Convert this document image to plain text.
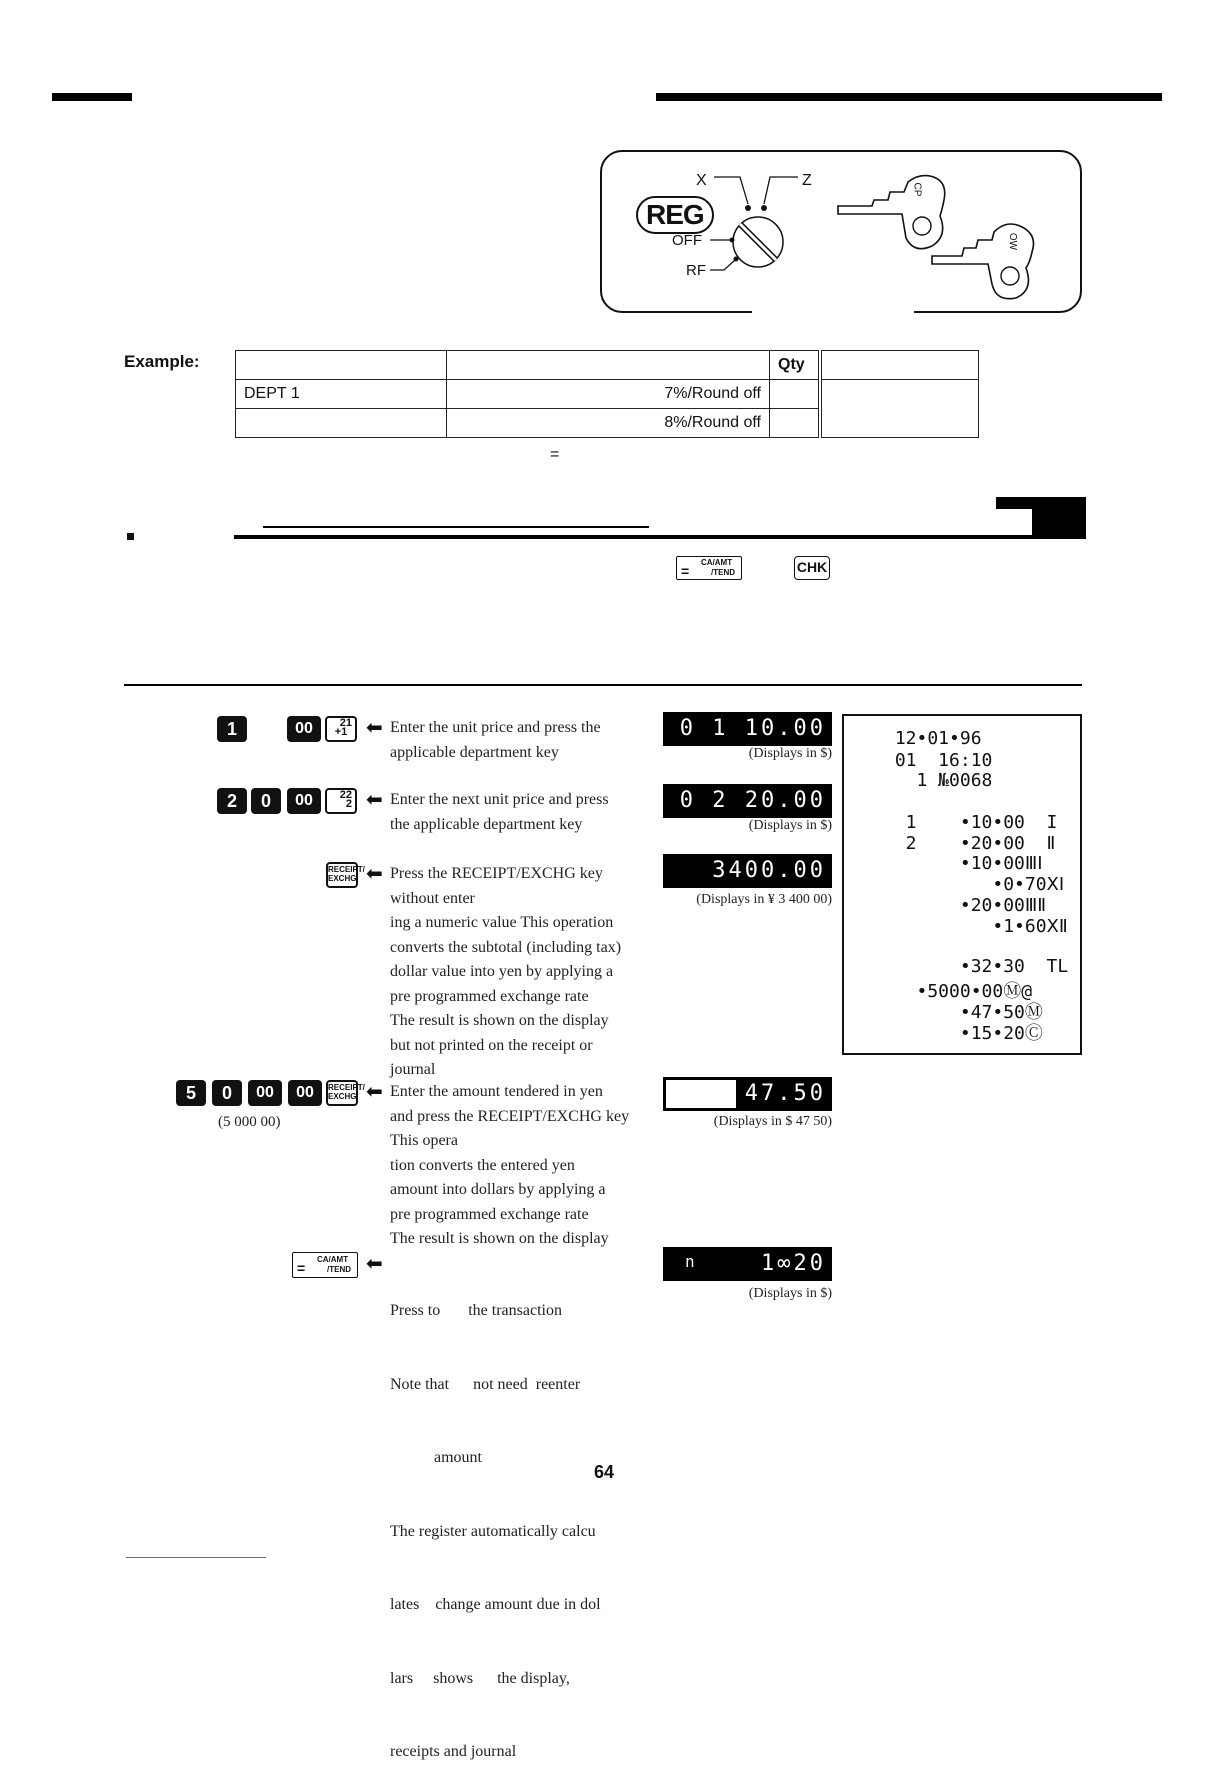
X	Z
REG
OFF
RF
CP
OW
Example:
			Qty	
DEPT 1	7%/Round off		
	8%/Round off		
=
CA/AMT
=	/TEND	CHK
1	00	21
+1 ⬅ Enter the unit price and press the
applicable department key
0 1 10.00
(Displays in $)
2	0	00	22
2 ⬅ Enter the next unit price and press
the applicable department key
0 2 20.00
(Displays in $)
RECEIPT/
EXCHG ⬅ Press the RECEIPT/EXCHG key without enter
ing a numeric value This operation
converts the subtotal (including tax)
dollar value into yen by applying a
pre programmed exchange rate
The result is shown on the display
but not printed on the receipt or
journal
3400.00
(Displays in ¥ 3 400 00)
12•01•96
01  16:10
1 №0068
1    •10•00  I
2    •20•00  Ⅱ
•10•00ⅢⅠ
•0•70ⅩⅠ
•20•00ⅢⅡ
•1•60ⅩⅡ
•32•30  TL
•5000•00Ⓜ@
•47•50Ⓜ
•15•20Ⓒ
5	0	00	00	RECEIPT/
EXCHG
(5 000 00)
⬅ Enter the amount tendered in yen
and press the RECEIPT/EXCHG key This opera
tion converts the entered yen
amount into dollars by applying a
pre programmed exchange rate
The result is shown on the display
47.50
(Displays in $ 47 50)
CA/AMT
=	/TEND ⬅

Press to       the transaction

Note that      not need  reenter

amount

The register automatically calcu

lates    change amount due in dol

lars     shows      the display,

receipts and journal

n	1∞20
(Displays in $)
64
